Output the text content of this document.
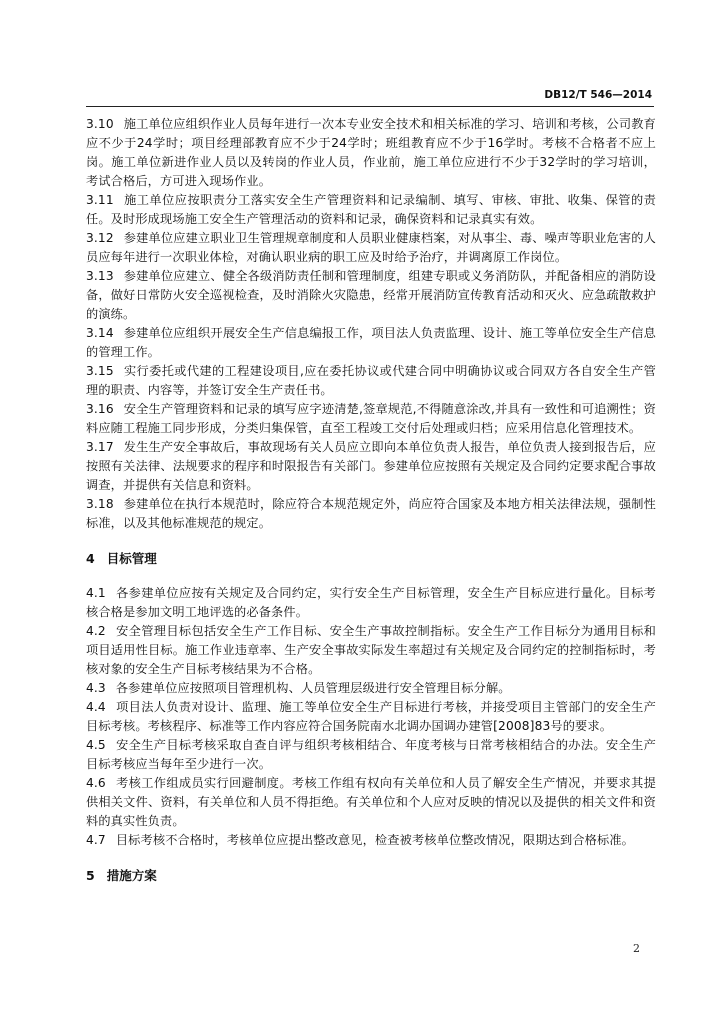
DB12/T 546—2014

3.10 施工单位应组织作业人员每年进行一次本专业安全技术和相关标准的学习、培训和考核，公司教育应不少于24学时；项目经理部教育应不少于24学时；班组教育应不少于16学时。考核不合格者不应上岗。施工单位新进作业人员以及转岗的作业人员，作业前，施工单位应进行不少于32学时的学习培训，考试合格后，方可进入现场作业。

3.11 施工单位应按职责分工落实安全生产管理资料和记录编制、填写、审核、审批、收集、保管的责任。及时形成现场施工安全生产管理活动的资料和记录，确保资料和记录真实有效。

3.12 参建单位应建立职业卫生管理规章制度和人员职业健康档案，对从事尘、毒、噪声等职业危害的人员应每年进行一次职业体检，对确认职业病的职工应及时给予治疗，并调离原工作岗位。

3.13 参建单位应建立、健全各级消防责任制和管理制度，组建专职或义务消防队，并配备相应的消防设备，做好日常防火安全巡视检查，及时消除火灾隐患，经常开展消防宣传教育活动和灭火、应急疏散救护的演练。

3.14 参建单位应组织开展安全生产信息编报工作，项目法人负责监理、设计、施工等单位安全生产信息的管理工作。

3.15 实行委托或代建的工程建设项目,应在委托协议或代建合同中明确协议或合同双方各自安全生产管理的职责、内容等，并签订安全生产责任书。

3.16 安全生产管理资料和记录的填写应字迹清楚,签章规范,不得随意涂改,并具有一致性和可追溯性；资料应随工程施工同步形成，分类归集保管，直至工程竣工交付后处理或归档；应采用信息化管理技术。

3.17 发生生产安全事故后，事故现场有关人员应立即向本单位负责人报告，单位负责人接到报告后，应按照有关法律、法规要求的程序和时限报告有关部门。参建单位应按照有关规定及合同约定要求配合事故调查，并提供有关信息和资料。

3.18 参建单位在执行本规范时，除应符合本规范规定外，尚应符合国家及本地方相关法律法规，强制性标准，以及其他标准规范的规定。

4 目标管理

4.1 各参建单位应按有关规定及合同约定，实行安全生产目标管理，安全生产目标应进行量化。目标考核合格是参加文明工地评选的必备条件。

4.2 安全管理目标包括安全生产工作目标、安全生产事故控制指标。安全生产工作目标分为通用目标和项目适用性目标。施工作业违章率、生产安全事故实际发生率超过有关规定及合同约定的控制指标时，考核对象的安全生产目标考核结果为不合格。

4.3 各参建单位应按照项目管理机构、人员管理层级进行安全管理目标分解。

4.4 项目法人负责对设计、监理、施工等单位安全生产目标进行考核，并接受项目主管部门的安全生产目标考核。考核程序、标准等工作内容应符合国务院南水北调办国调办建管[2008]83号的要求。

4.5 安全生产目标考核采取自查自评与组织考核相结合、年度考核与日常考核相结合的办法。安全生产目标考核应当每年至少进行一次。

4.6 考核工作组成员实行回避制度。考核工作组有权向有关单位和人员了解安全生产情况，并要求其提供相关文件、资料，有关单位和人员不得拒绝。有关单位和个人应对反映的情况以及提供的相关文件和资料的真实性负责。

4.7 目标考核不合格时，考核单位应提出整改意见，检查被考核单位整改情况，限期达到合格标准。

5 措施方案
2
